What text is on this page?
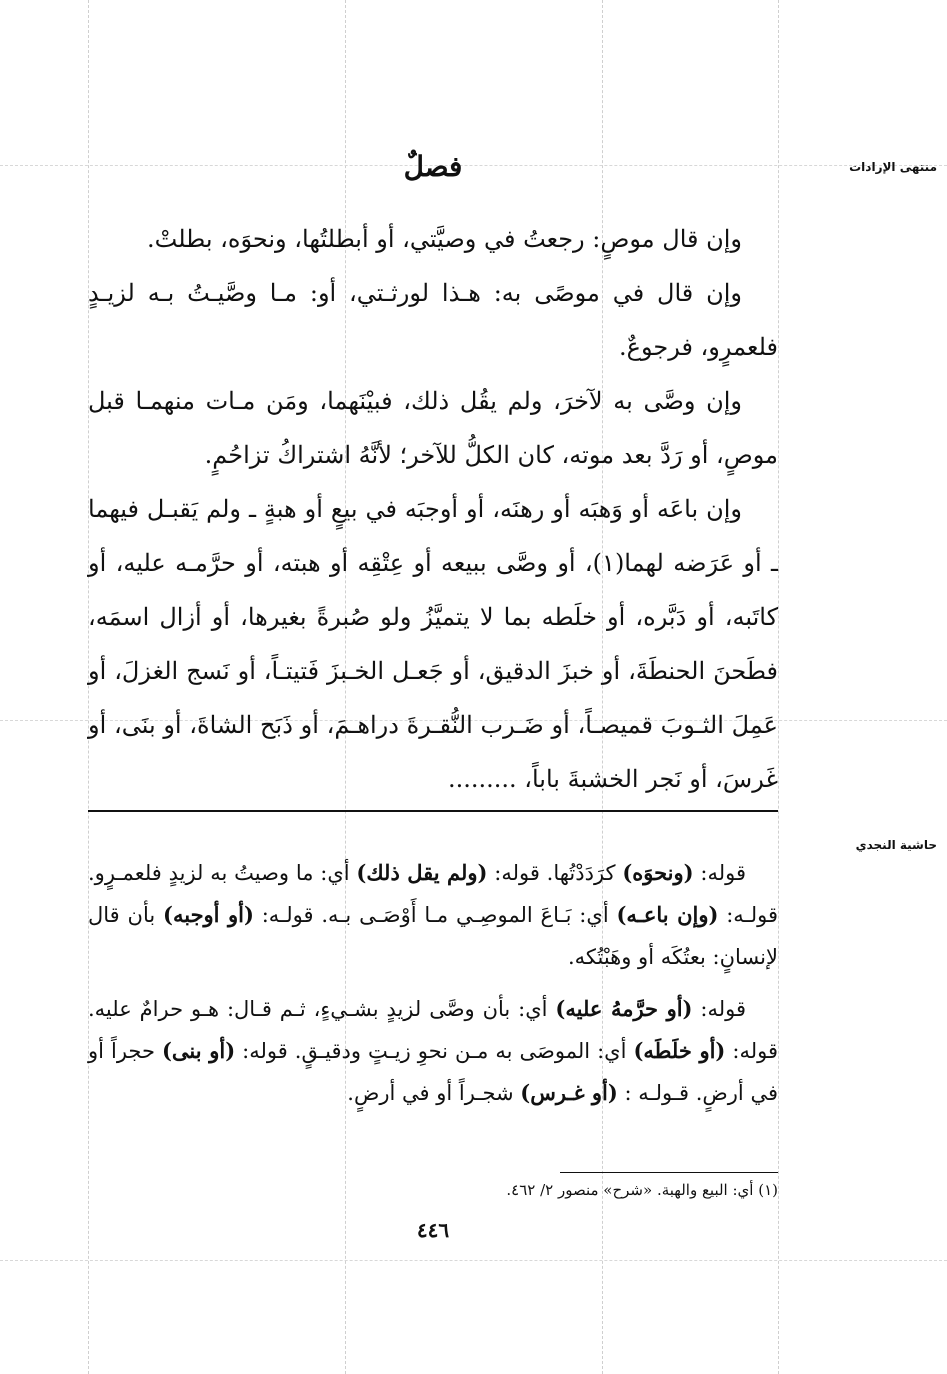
منتهى الإرادات
حاشية النجدي
فصلٌ

وإن قال موصٍ: رجعتُ في وصيَّتي، أو أبطلتُها، ونحوَه، بطلتْ.

وإن قال في موصًى به: هـذا لورثـتي، أو: مـا وصَّيـتُ بـه لزيـدٍ فلعمرٍو، فرجوعٌ.

وإن وصَّى به لآخرَ، ولم يقُل ذلك، فبيْنَهما، ومَن مـات منهمـا قبل موصٍ، أو رَدَّ بعد موته، كان الكلُّ للآخر؛ لأنَّهُ اشتراكُ تزاحُمٍ.

وإن باعَه أو وَهبَه أو رهنَه، أو أوجبَه في بيعٍ أو هبةٍ ـ ولم يَقبـل فيهما ـ أو عَرَضه لهما(١)، أو وصَّى ببيعه أو عِتْقِه أو هبته، أو حرَّمـه عليه، أو كاتَبه، أو دَبَّره، أو خلَطه بما لا يتميَّزُ ولو صُبرةً بغيرها، أو أزال اسمَه، فطَحنَ الحنطَةَ، أو خبزَ الدقيق، أو جَعـل الخـبزَ فَتيتـاً، أو نَسج الغزلَ، أو عَمِلَ الثـوبَ قميصـاً، أو ضَـرب النُّقـرةَ دراهـمَ، أو ذَبَح الشاةَ، أو بنَى، أو غَرسَ، أو نَجر الخشبةَ باباً، .........

قوله: (ونحوَه) كرَدَدْتُها. قوله: (ولم يقل ذلك) أي: ما وصيتُ به لزيدٍ فلعمـرٍو. قولـه: (وإن باعـه) أي: بَـاعَ الموصِـي مـا أَوْصَـى بـه. قولـه: (أو أوجبه) بأن قال لإنسانٍ: بعتُكَه أو وهَبْتُكه.

قوله: (أو حرَّمهُ عليه) أي: بأن وصَّى لزيدٍ بشـيءٍ، ثـم قـال: هـو حرامٌ عليه. قوله: (أو خلَطَه) أي: الموصَى به مـن نحوِ زيـتٍ ودقيـقٍ. قوله: (أو بنى) حجراً أو في أرضٍ. قـولـه : (أو غـرس) شجـراً أو في أرضٍ.

(١) أي: البيع والهبة. «شرح» منصور ٢/ ٤٦٢.
٤٤٦
